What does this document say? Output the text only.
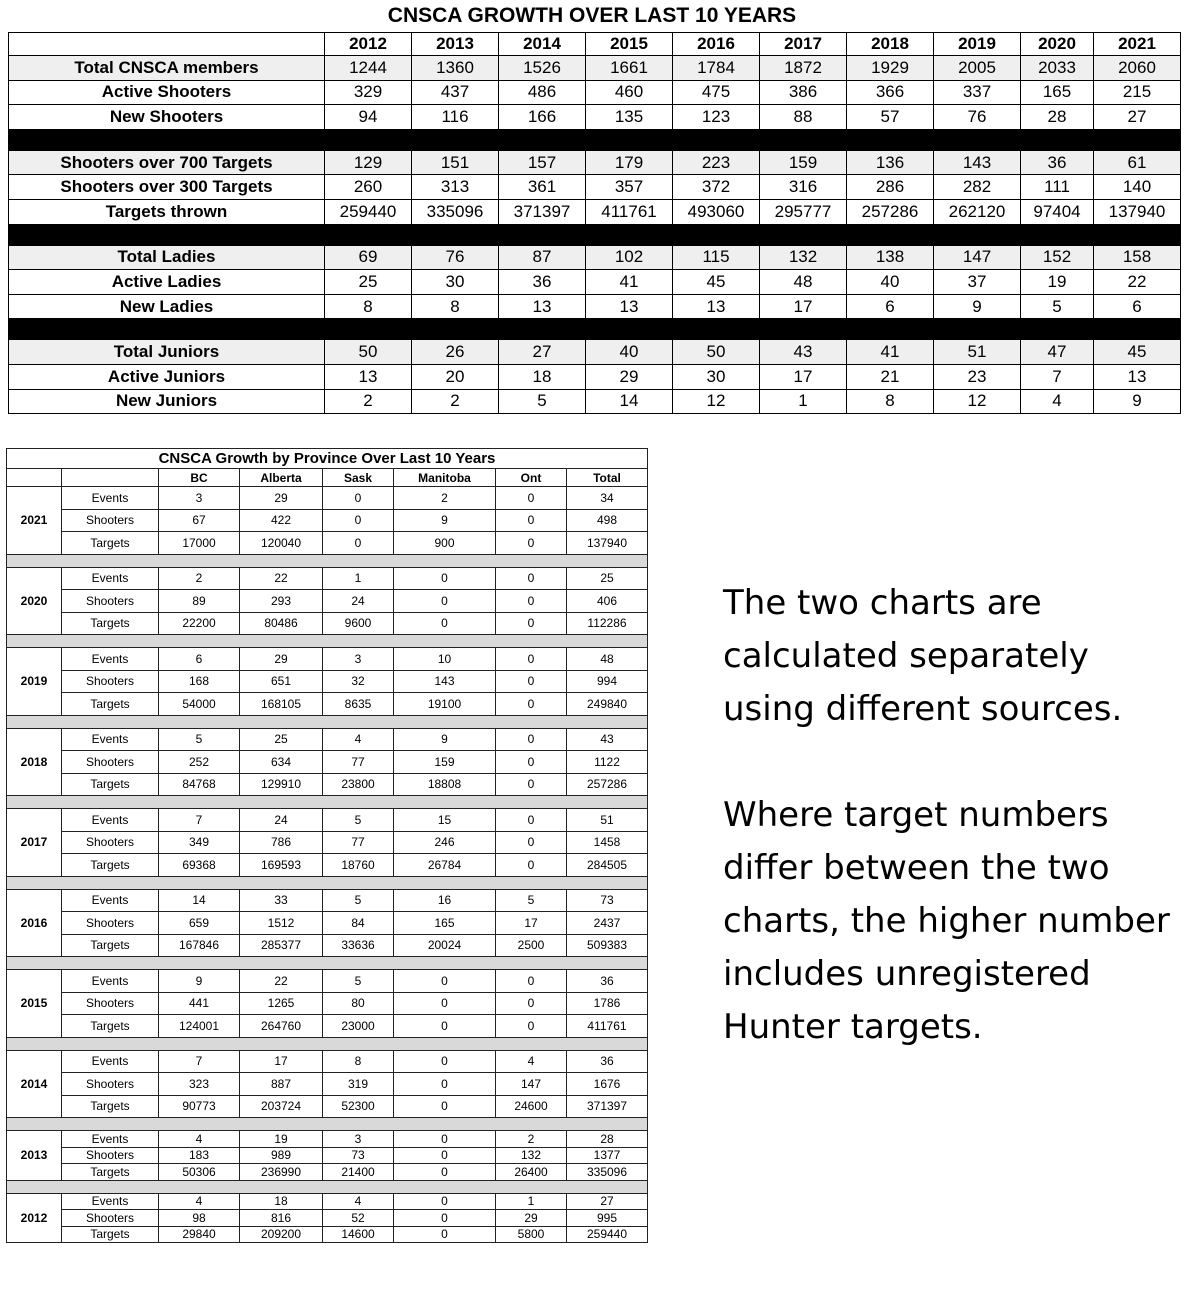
CNSCA GROWTH OVER LAST 10 YEARS
	2012	2013	2014	2015	2016	2017	2018	2019	2020	2021
Total CNSCA members	1244	1360	1526	1661	1784	1872	1929	2005	2033	2060
Active Shooters	329	437	486	460	475	386	366	337	165	215
New Shooters	94	116	166	135	123	88	57	76	28	27

Shooters over 700 Targets	129	151	157	179	223	159	136	143	36	61
Shooters over 300 Targets	260	313	361	357	372	316	286	282	111	140
Targets thrown	259440	335096	371397	411761	493060	295777	257286	262120	97404	137940

Total Ladies	69	76	87	102	115	132	138	147	152	158
Active Ladies	25	30	36	41	45	48	40	37	19	22
New Ladies	8	8	13	13	13	17	6	9	5	6

Total Juniors	50	26	27	40	50	43	41	51	47	45
Active Juniors	13	20	18	29	30	17	21	23	7	13
New Juniors	2	2	5	14	12	1	8	12	4	9
CNSCA Growth by Province Over Last 10 Years							
		BC	Alberta	Sask	Manitoba	Ont	Total
2021	Events	3	29	0	2	0	34
	Shooters	67	422	0	9	0	498
	Targets	17000	120040	0	900	0	137940

2020	Events	2	22	1	0	0	25
	Shooters	89	293	24	0	0	406
	Targets	22200	80486	9600	0	0	112286

2019	Events	6	29	3	10	0	48
	Shooters	168	651	32	143	0	994
	Targets	54000	168105	8635	19100	0	249840

2018	Events	5	25	4	9	0	43
	Shooters	252	634	77	159	0	1122
	Targets	84768	129910	23800	18808	0	257286

2017	Events	7	24	5	15	0	51
	Shooters	349	786	77	246	0	1458
	Targets	69368	169593	18760	26784	0	284505

2016	Events	14	33	5	16	5	73
	Shooters	659	1512	84	165	17	2437
	Targets	167846	285377	33636	20024	2500	509383

2015	Events	9	22	5	0	0	36
	Shooters	441	1265	80	0	0	1786
	Targets	124001	264760	23000	0	0	411761

2014	Events	7	17	8	0	4	36
	Shooters	323	887	319	0	147	1676
	Targets	90773	203724	52300	0	24600	371397

2013	Events	4	19	3	0	2	28
	Shooters	183	989	73	0	132	1377
	Targets	50306	236990	21400	0	26400	335096

2012	Events	4	18	4	0	1	27
	Shooters	98	816	52	0	29	995
	Targets	29840	209200	14600	0	5800	259440

The two charts are calculated separately using different sources.

Where target numbers differ between the two charts, the higher number includes unregistered Hunter targets.
